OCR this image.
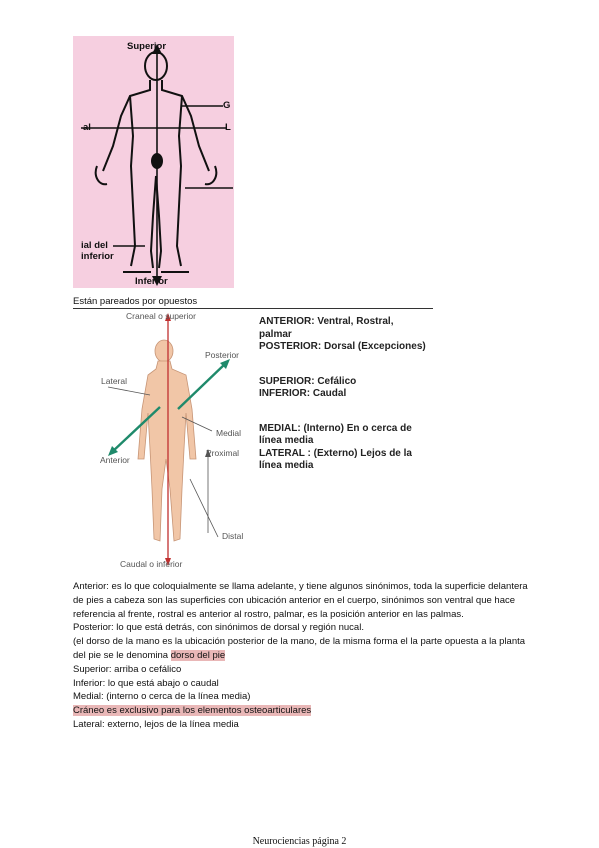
Superior
al	L
G
ial del
inferior
Inferior
Están pareados por opuestos
Craneal o superior
Posterior
Lateral
Medial
Anterior
Proximal
Distal
Caudal o inferior

ANTERIOR: Ventral, Rostral,

palmar

POSTERIOR: Dorsal (Excepciones)

SUPERIOR: Cefálico

INFERIOR: Caudal

MEDIAL: (Interno) En o cerca de

línea media

LATERAL : (Externo) Lejos de la

línea media

Anterior: es lo que coloquialmente se llama adelante, y tiene algunos sinónimos, toda la superficie delantera de pies a cabeza son las superficies con ubicación anterior en el cuerpo, sinónimos son ventral que hace referencia al frente, rostral es anterior al rostro, palmar, es la posición anterior en las palmas.

Posterior: lo que está detrás, con sinónimos de dorsal y región nucal.

(el dorso de la mano es la ubicación posterior de la mano, de la misma forma el la parte opuesta a la planta del pie se le denomina dorso del pie

Superior: arriba o cefálico

Inferior: lo que está abajo o caudal

Medial: (interno o cerca de la línea media)

Cráneo es exclusivo para los elementos osteoarticulares

Lateral: externo, lejos de la línea media

Neurociencias página 2
